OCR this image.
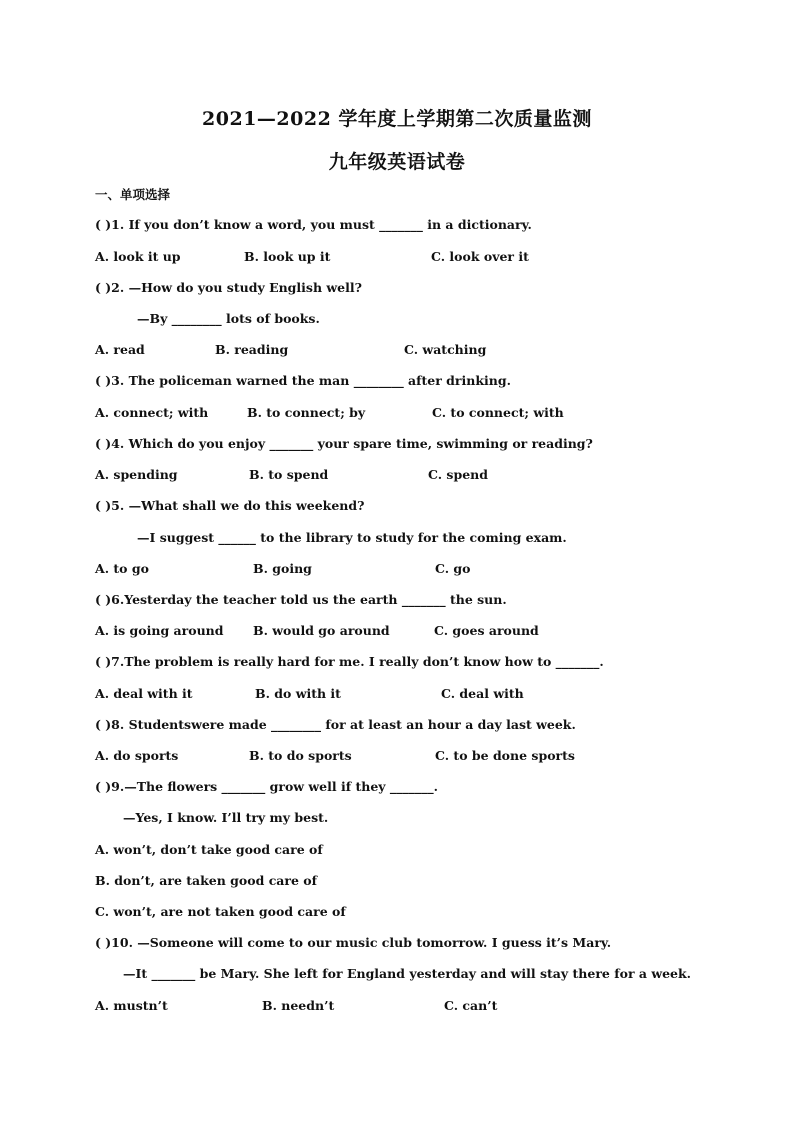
2021—2022 学年度上学期第二次质量监测
九年级英语试卷
一、单项选择
( )1. If you don’t know a word, you must _______ in a dictionary.
A. look it up	B. look up it	C. look over it
( )2. —How do you study English well?
—By ________ lots of books.
A. read	B. reading	C. watching
( )3. The policeman warned the man ________ after drinking.
A. connect; with	B. to connect; by	C. to connect; with
( )4. Which do you enjoy _______ your spare time, swimming or reading?
A. spending	B. to spend	C. spend
( )5. —What shall we do this weekend?
—I suggest ______ to the library to study for the coming exam.
A. to go	B. going	C. go
( )6.Yesterday the teacher told us the earth _______ the sun.
A. is going around B. would go around	C. goes around
( )7.The problem is really hard for me. I really don’t know how to _______.
A. deal with it	B. do with it	C. deal with
( )8. Studentswere made ________ for at least an hour a day last week.
A. do sports	B. to do sports	C. to be done sports
( )9.—The flowers _______ grow well if they _______.
—Yes, I know. I’ll try my best.
A. won’t, don’t take good care of
B. don’t, are taken good care of
C. won’t, are not taken good care of
( )10. —Someone will come to our music club tomorrow. I guess it’s Mary.
—It _______ be Mary. She left for England yesterday and will stay there for a week.
A. mustn’t	B. needn’t	C. can’t
